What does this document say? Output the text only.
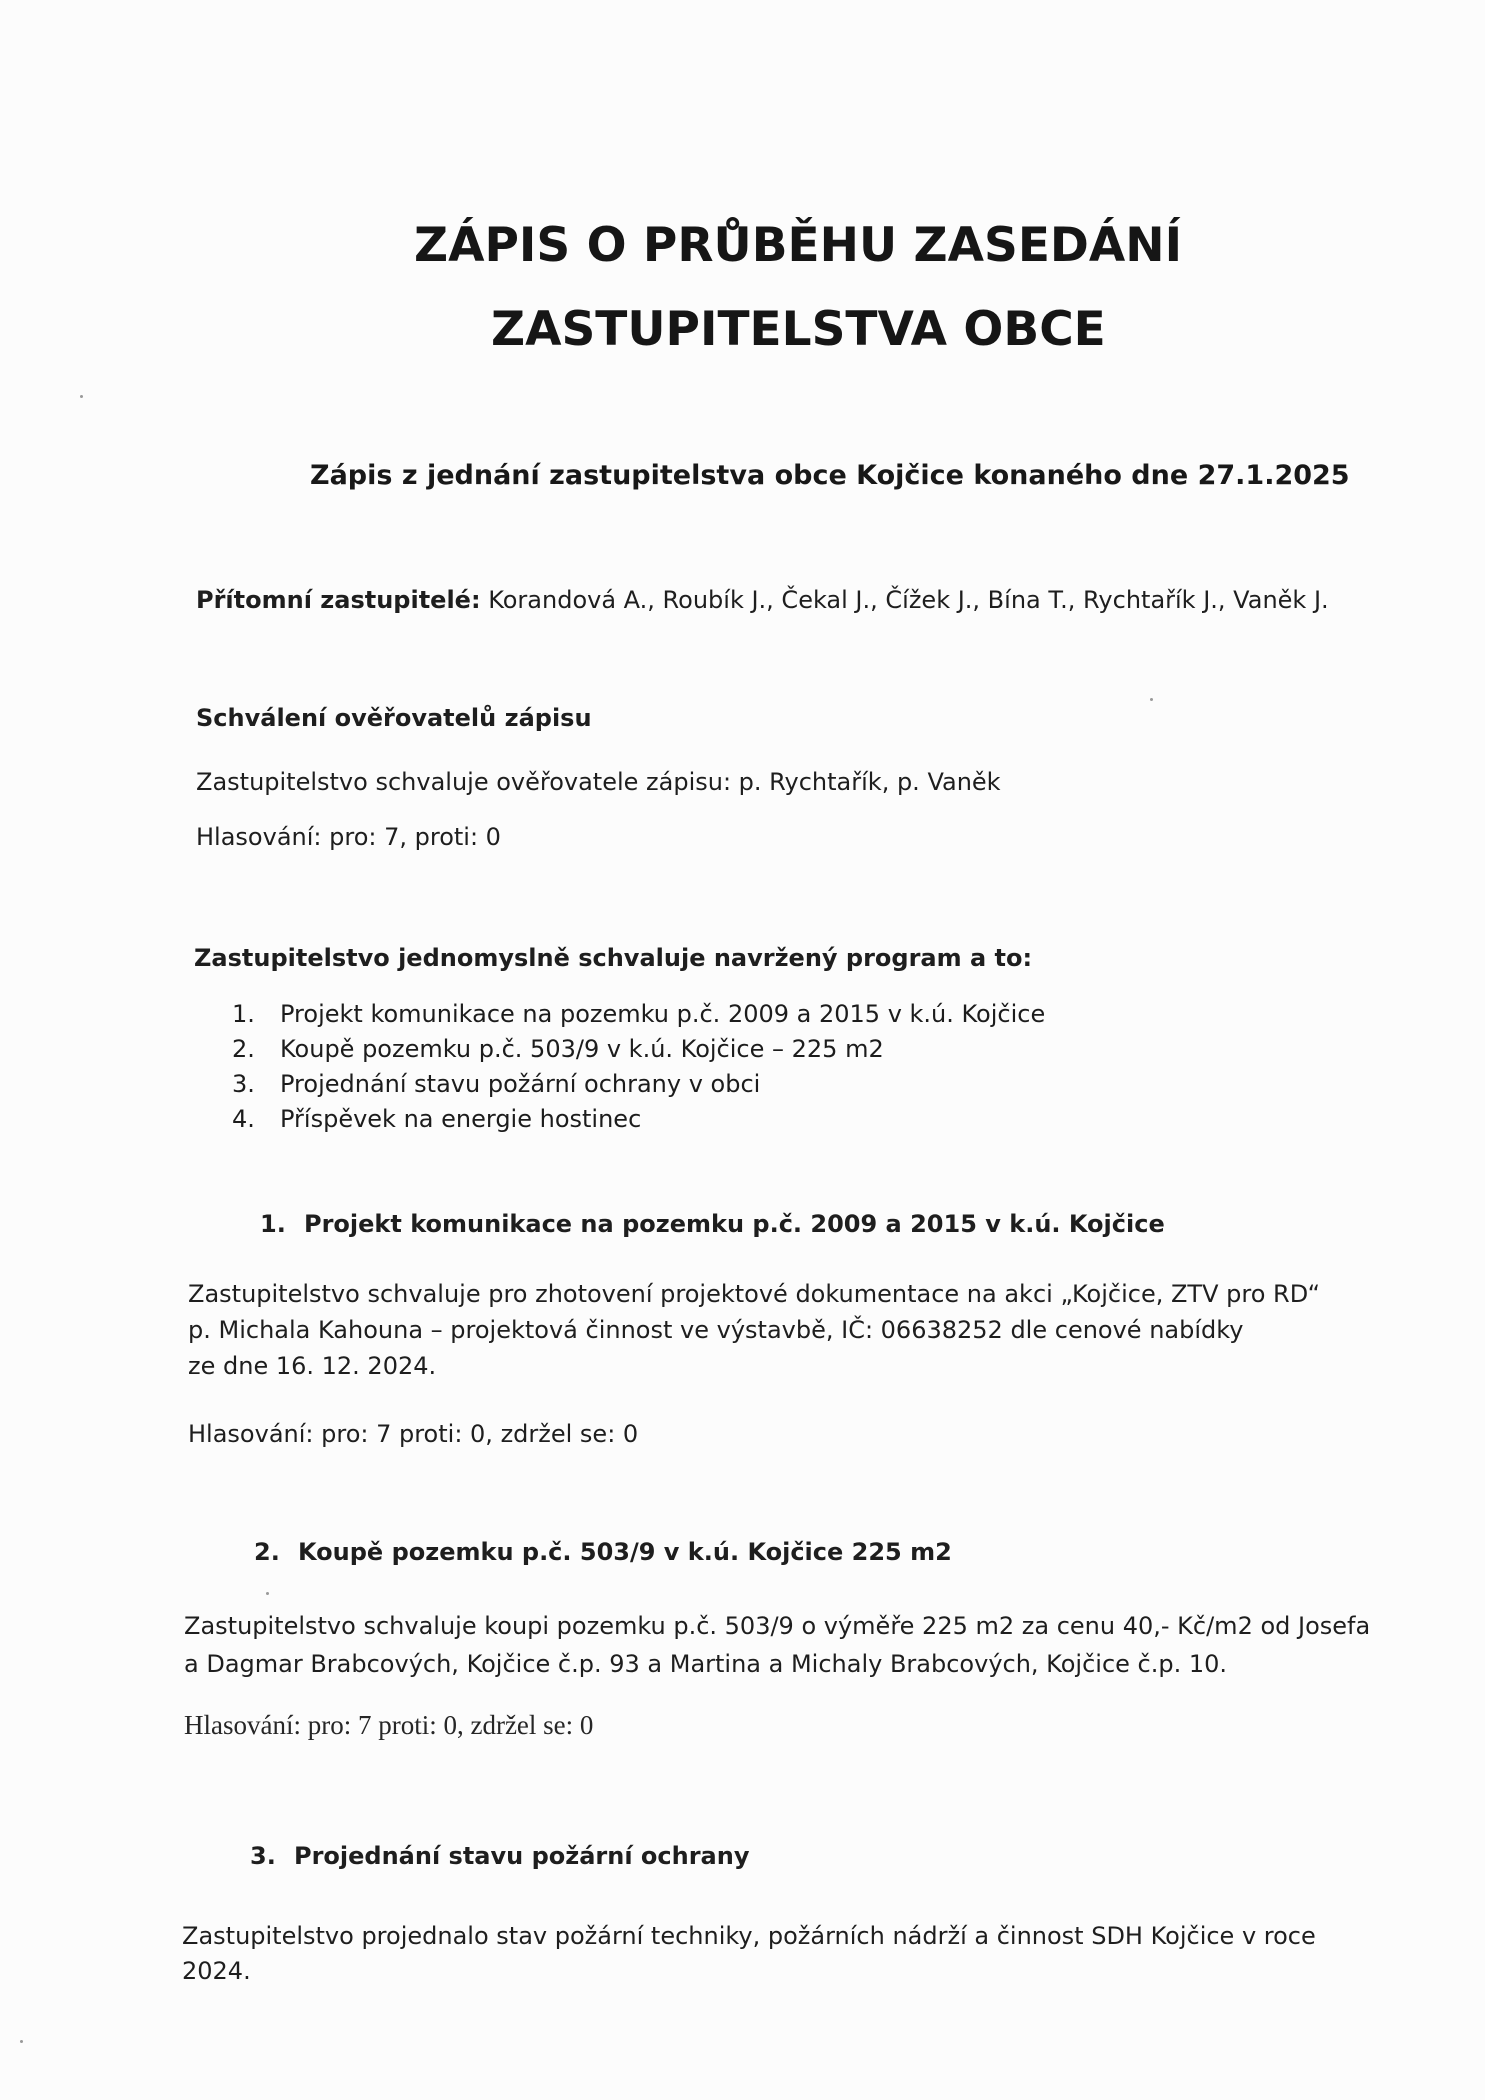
ZÁPIS O PRŮBĚHU ZASEDÁNÍ
ZASTUPITELSTVA OBCE
Zápis z jednání zastupitelstva obce Kojčice konaného dne 27.1.2025
Přítomní zastupitelé: Korandová A., Roubík J., Čekal J., Čížek J., Bína T., Rychtařík J., Vaněk J.
Schválení ověřovatelů zápisu
Zastupitelstvo schvaluje ověřovatele zápisu: p. Rychtařík, p. Vaněk
Hlasování: pro: 7, proti: 0
Zastupitelstvo jednomyslně schvaluje navržený program a to:
1. Projekt komunikace na pozemku p.č. 2009 a 2015 v k.ú. Kojčice
2. Koupě pozemku p.č. 503/9 v k.ú. Kojčice – 225 m2
3. Projednání stavu požární ochrany v obci
4. Příspěvek na energie hostinec
1. Projekt komunikace na pozemku p.č. 2009 a 2015 v k.ú. Kojčice
Zastupitelstvo schvaluje pro zhotovení projektové dokumentace na akci „Kojčice, ZTV pro RD“
p. Michala Kahouna – projektová činnost ve výstavbě, IČ: 06638252 dle cenové nabídky
ze dne 16. 12. 2024.
Hlasování: pro: 7 proti: 0, zdržel se: 0
2. Koupě pozemku p.č. 503/9 v k.ú. Kojčice 225 m2
Zastupitelstvo schvaluje koupi pozemku p.č. 503/9 o výměře 225 m2 za cenu 40,- Kč/m2 od Josefa
a Dagmar Brabcových, Kojčice č.p. 93 a Martina a Michaly Brabcových, Kojčice č.p. 10.
Hlasování: pro: 7 proti: 0, zdržel se: 0
3. Projednání stavu požární ochrany
Zastupitelstvo projednalo stav požární techniky, požárních nádrží a činnost SDH Kojčice v roce
2024.
